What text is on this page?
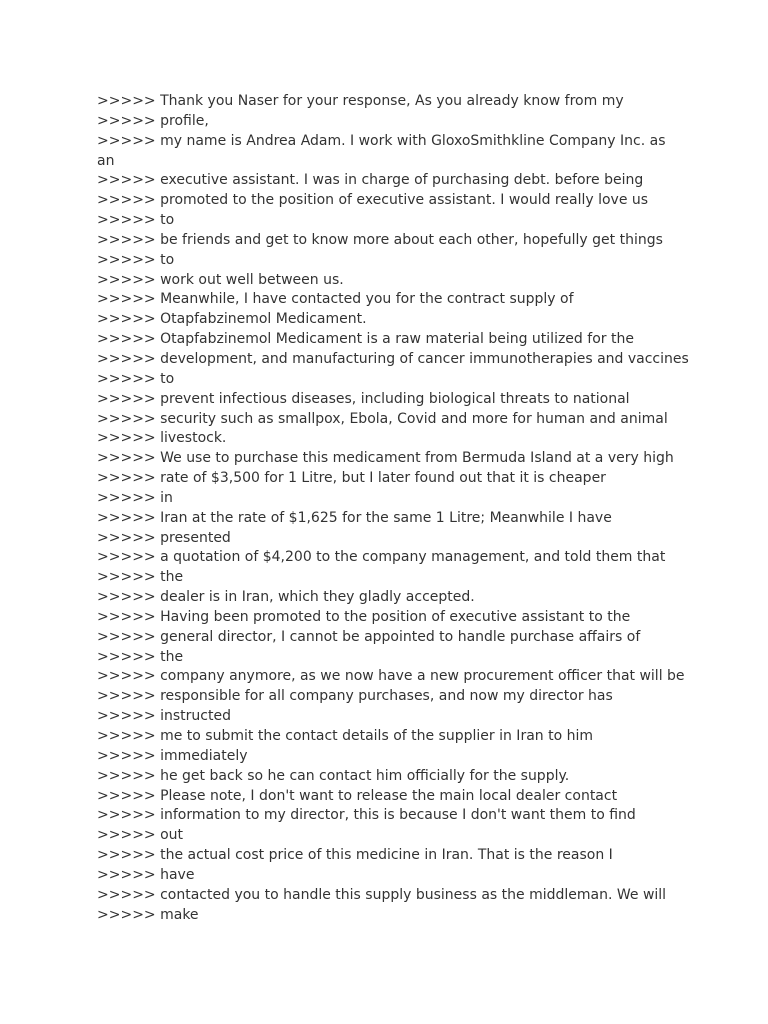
>>>>> Thank you Naser for your response, As you already know from my
>>>>> profile,
>>>>> my name is Andrea Adam. I work with GloxoSmithkline Company Inc. as
an
>>>>> executive assistant. I was in charge of purchasing debt. before being
>>>>> promoted to the position of executive assistant. I would really love us
>>>>> to
>>>>> be friends and get to know more about each other, hopefully get things
>>>>> to
>>>>> work out well between us.
>>>>> Meanwhile, I have contacted you for the contract supply of
>>>>> Otapfabzinemol Medicament.
>>>>> Otapfabzinemol Medicament is a raw material being utilized for the
>>>>> development, and manufacturing of cancer immunotherapies and vaccines
>>>>> to
>>>>> prevent infectious diseases, including biological threats to national
>>>>> security such as smallpox, Ebola, Covid and more for human and animal
>>>>> livestock.
>>>>> We use to purchase this medicament from Bermuda Island at a very high
>>>>> rate of $3,500 for 1 Litre, but I later found out that it is cheaper
>>>>> in
>>>>> Iran at the rate of $1,625 for the same 1 Litre; Meanwhile I have
>>>>> presented
>>>>> a quotation of $4,200 to the company management, and told them that
>>>>> the
>>>>> dealer is in Iran, which they gladly accepted.
>>>>> Having been promoted to the position of executive assistant to the
>>>>> general director, I cannot be appointed to handle purchase affairs of
>>>>> the
>>>>> company anymore, as we now have a new procurement officer that will be
>>>>> responsible for all company purchases, and now my director has
>>>>> instructed
>>>>> me to submit the contact details of the supplier in Iran to him
>>>>> immediately
>>>>> he get back so he can contact him officially for the supply.
>>>>> Please note, I don't want to release the main local dealer contact
>>>>> information to my director, this is because I don't want them to find
>>>>> out
>>>>> the actual cost price of this medicine in Iran. That is the reason I
>>>>> have
>>>>> contacted you to handle this supply business as the middleman. We will
>>>>> make
